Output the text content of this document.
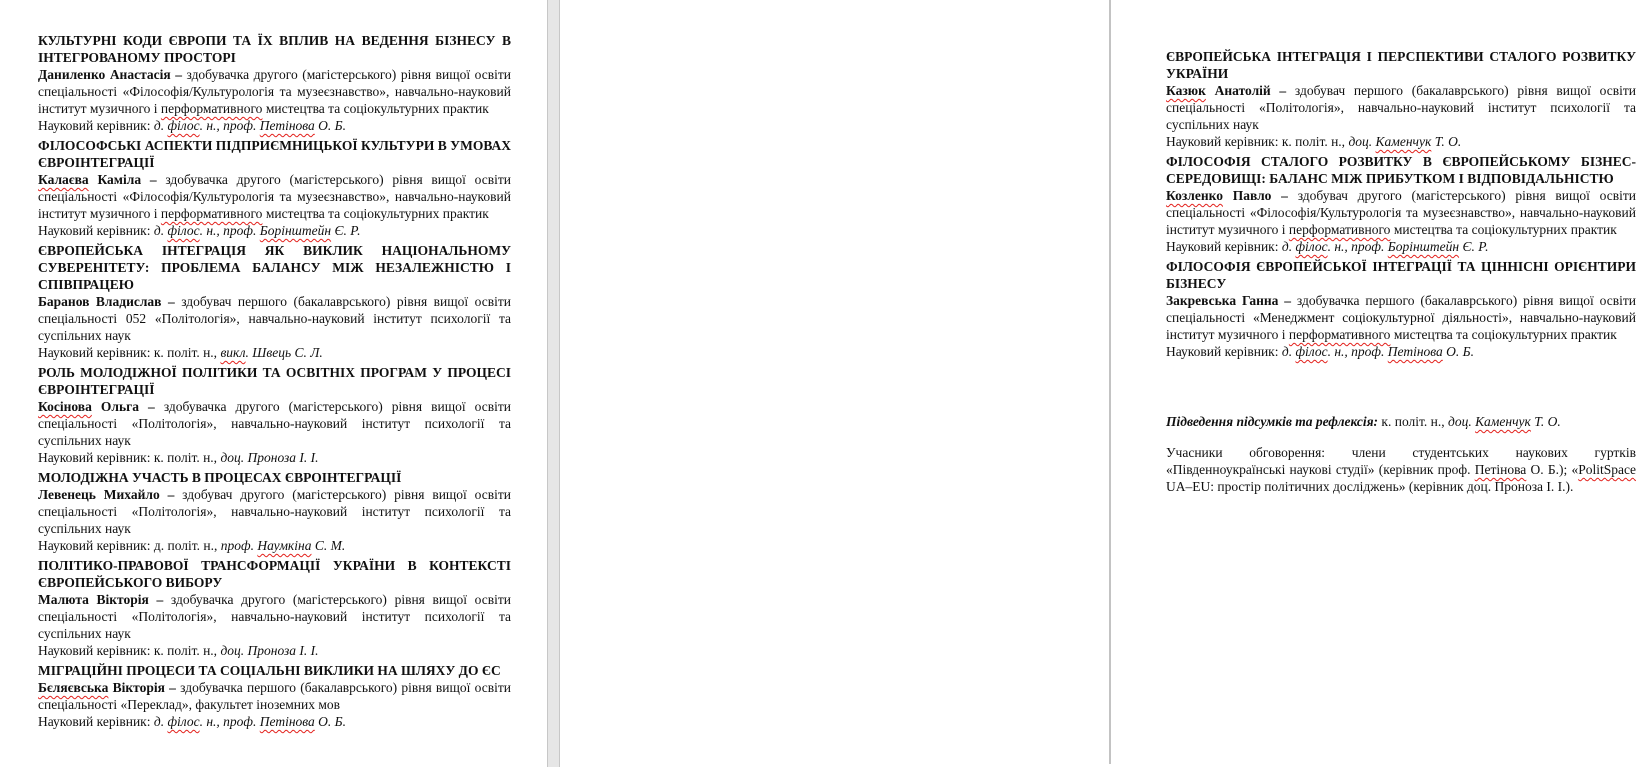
КУЛЬТУРНІ КОДИ ЄВРОПИ ТА ЇХ ВПЛИВ НА ВЕДЕННЯ БІЗНЕСУ В ІНТЕГРОВАНОМУ ПРОСТОРІ

Даниленко Анастасія – здобувачка другого (магістерського) рівня вищої освіти спеціальності «Філософія/Культурологія та музеєзнавство», навчально-науковий інститут музичного і перформативного мистецтва та соціокультурних практик

Науковий керівник: д. філос. н., проф. Петінова О. Б.

ФІЛОСОФСЬКІ АСПЕКТИ ПІДПРИЄМНИЦЬКОЇ КУЛЬТУРИ В УМОВАХ ЄВРОІНТЕГРАЦІЇ

Калаєва Каміла – здобувачка другого (магістерського) рівня вищої освіти спеціальності «Філософія/Культурологія та музеєзнавство», навчально-науковий інститут музичного і перформативного мистецтва та соціокультурних практик

Науковий керівник: д. філос. н., проф. Борінштейн Є. Р.

ЄВРОПЕЙСЬКА ІНТЕГРАЦІЯ ЯК ВИКЛИК НАЦІОНАЛЬНОМУ СУВЕРЕНІТЕТУ: ПРОБЛЕМА БАЛАНСУ МІЖ НЕЗАЛЕЖНІСТЮ І СПІВПРАЦЕЮ

Баранов Владислав – здобувач першого (бакалаврського) рівня вищої освіти спеціальності 052 «Політологія», навчально-науковий інститут психології та суспільних наук

Науковий керівник: к. політ. н., викл. Швець С. Л.

РОЛЬ МОЛОДІЖНОЇ ПОЛІТИКИ ТА ОСВІТНІХ ПРОГРАМ У ПРОЦЕСІ ЄВРОІНТЕГРАЦІЇ

Косінова Ольга – здобувачка другого (магістерського) рівня вищої освіти спеціальності «Політологія», навчально-науковий інститут психології та суспільних наук

Науковий керівник: к. політ. н., доц. Проноза І. І.

МОЛОДІЖНА УЧАСТЬ В ПРОЦЕСАХ ЄВРОІНТЕГРАЦІЇ

Левенець Михайло – здобувач другого (магістерського) рівня вищої освіти спеціальності «Політологія», навчально-науковий інститут психології та суспільних наук

Науковий керівник: д. політ. н., проф. Наумкіна С. М.

ПОЛІТИКО-ПРАВОВОЇ ТРАНСФОРМАЦІЇ УКРАЇНИ В КОНТЕКСТІ ЄВРОПЕЙСЬКОГО ВИБОРУ

Малюта Вікторія – здобувачка другого (магістерського) рівня вищої освіти спеціальності «Політологія», навчально-науковий інститут психології та суспільних наук

Науковий керівник: к. політ. н., доц. Проноза І. І.

МІГРАЦІЙНІ ПРОЦЕСИ ТА СОЦІАЛЬНІ ВИКЛИКИ НА ШЛЯХУ ДО ЄС

Бєляєвська Вікторія – здобувачка першого (бакалаврського) рівня вищої освіти спеціальності «Переклад», факультет іноземних мов

Науковий керівник: д. філос. н., проф. Петінова О. Б.

ЄВРОПЕЙСЬКА ІНТЕГРАЦІЯ І ПЕРСПЕКТИВИ СТАЛОГО РОЗВИТКУ УКРАЇНИ

Казюк Анатолій – здобувач першого (бакалаврського) рівня вищої освіти спеціальності «Політологія», навчально-науковий інститут психології та суспільних наук

Науковий керівник: к. політ. н., доц. Каменчук Т. О.

ФІЛОСОФІЯ СТАЛОГО РОЗВИТКУ В ЄВРОПЕЙСЬКОМУ БІЗНЕС-СЕРЕДОВИЩІ: БАЛАНС МІЖ ПРИБУТКОМ І ВІДПОВІДАЛЬНІСТЮ

Козленко Павло – здобувач другого (магістерського) рівня вищої освіти спеціальності «Філософія/Культурологія та музеєзнавство», навчально-науковий інститут музичного і перформативного мистецтва та соціокультурних практик

Науковий керівник: д. філос. н., проф. Борінштейн Є. Р.

ФІЛОСОФІЯ ЄВРОПЕЙСЬКОЇ ІНТЕГРАЦІЇ ТА ЦІННІСНІ ОРІЄНТИРИ БІЗНЕСУ

Закревська Ганна – здобувачка першого (бакалаврського) рівня вищої освіти спеціальності «Менеджмент соціокультурної діяльності», навчально-науковий інститут музичного і перформативного мистецтва та соціокультурних практик

Науковий керівник: д. філос. н., проф. Петінова О. Б.

Підведення підсумків та рефлексія: к. політ. н., доц. Каменчук Т. О.

Учасники обговорення: члени студентських наукових гуртків «Південноукраїнські наукові студії» (керівник проф. Петінова О. Б.); «PolitSpace UA–EU: простір політичних досліджень» (керівник доц. Проноза І. І.).
